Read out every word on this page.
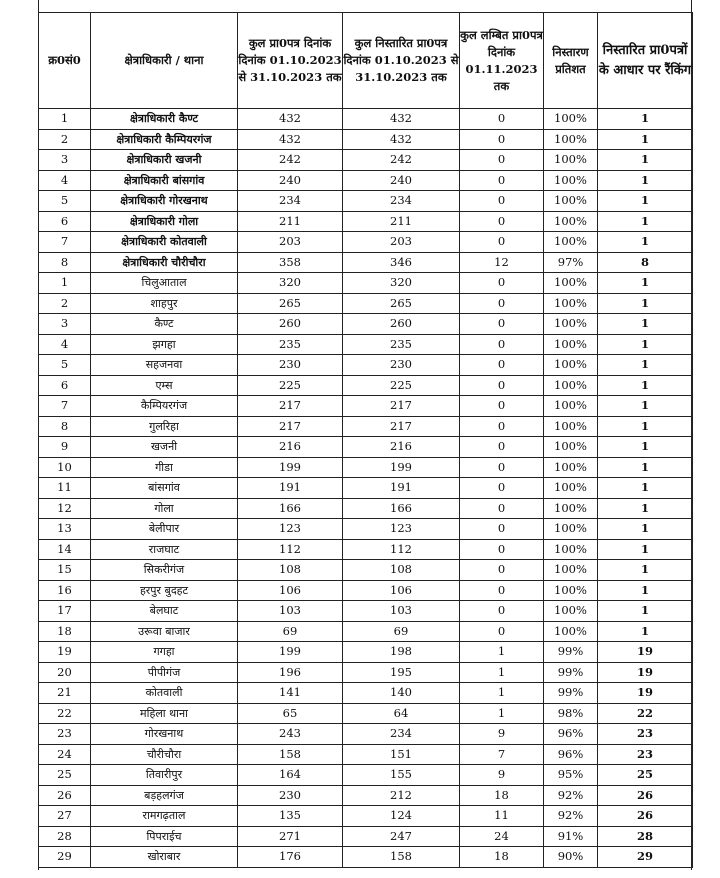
क्र0सं0	क्षेत्राधिकारी / थाना	कुल प्रा0पत्र दिनांक दिनांक 01.10.2023 से 31.10.2023 तक	कुल निस्तारित प्रा0पत्र दिनांक 01.10.2023 से 31.10.2023 तक	कुल लम्बित प्रा0पत्र दिनांक 01.11.2023 तक	निस्तारण प्रतिशत	निस्तारित प्रा0पत्रों के आधार पर रैंकिंग
1	क्षेत्राधिकारी कैण्ट	432	432	0	100%	1
2	क्षेत्राधिकारी कैम्पियरगंज	432	432	0	100%	1
3	क्षेत्राधिकारी खजनी	242	242	0	100%	1
4	क्षेत्राधिकारी बांसगांव	240	240	0	100%	1
5	क्षेत्राधिकारी गोरखनाथ	234	234	0	100%	1
6	क्षेत्राधिकारी गोला	211	211	0	100%	1
7	क्षेत्राधिकारी कोतवाली	203	203	0	100%	1
8	क्षेत्राधिकारी चौरीचौरा	358	346	12	97%	8
1	चिलुआताल	320	320	0	100%	1
2	शाहपुर	265	265	0	100%	1
3	कैण्ट	260	260	0	100%	1
4	झगहा	235	235	0	100%	1
5	सहजनवा	230	230	0	100%	1
6	एम्स	225	225	0	100%	1
7	कैम्पियरगंज	217	217	0	100%	1
8	गुलरिहा	217	217	0	100%	1
9	खजनी	216	216	0	100%	1
10	गीडा	199	199	0	100%	1
11	बांसगांव	191	191	0	100%	1
12	गोला	166	166	0	100%	1
13	बेलीपार	123	123	0	100%	1
14	राजघाट	112	112	0	100%	1
15	सिकरीगंज	108	108	0	100%	1
16	हरपुर बुदहट	106	106	0	100%	1
17	बेलघाट	103	103	0	100%	1
18	उरूवा बाजार	69	69	0	100%	1
19	गगहा	199	198	1	99%	19
20	पीपीगंज	196	195	1	99%	19
21	कोतवाली	141	140	1	99%	19
22	महिला थाना	65	64	1	98%	22
23	गोरखनाथ	243	234	9	96%	23
24	चौरीचौरा	158	151	7	96%	23
25	तिवारीपुर	164	155	9	95%	25
26	बड़हलगंज	230	212	18	92%	26
27	रामगढ़ताल	135	124	11	92%	26
28	पिपराईच	271	247	24	91%	28
29	खोराबार	176	158	18	90%	29
